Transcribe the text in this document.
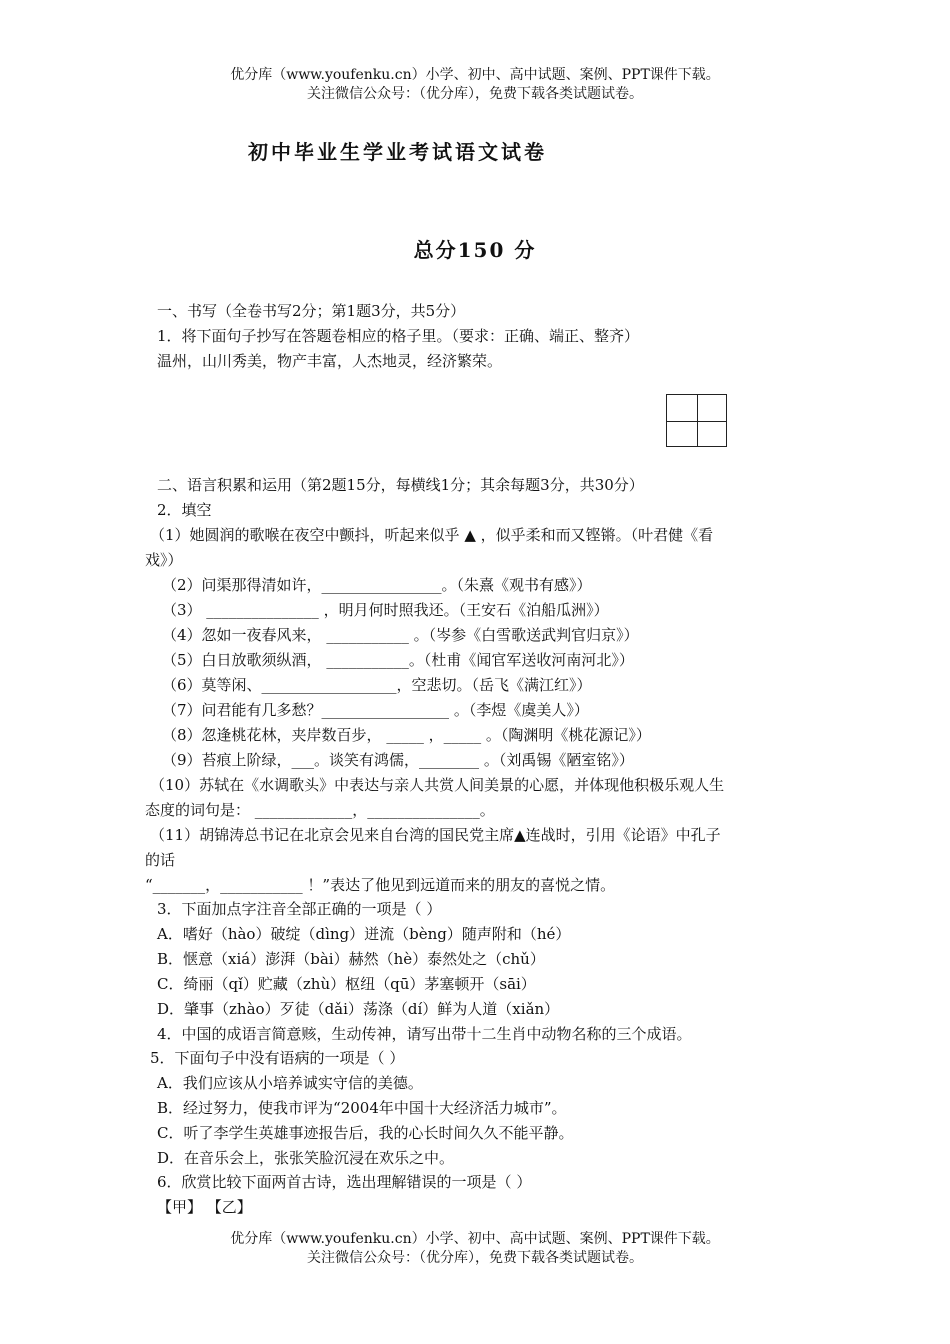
优分库（www.youfenku.cn）小学、初中、高中试题、案例、PPT课件下载。
关注微信公众号：（优分库），免费下载各类试题试卷。
初中毕业生学业考试语文试卷
总分150 分
一、书写（全卷书写2分；第1题3分，共5分）
1．将下面句子抄写在答题卷相应的格子里。（要求：正确、端正、整齐）
温州，山川秀美，物产丰富，人杰地灵，经济繁荣。
二、语言积累和运用（第2题15分，每横线1分；其余每题3分，共30分）
2．填空
（1）她圆润的歌喉在夜空中颤抖，听起来似乎 ▲ ，似乎柔和而又铿锵。（叶君健《看
戏》）
（2）问渠那得清如许，________________。（朱熹《观书有感》）
（3） _______________ ，明月何时照我还。（王安石《泊船瓜洲》）
（4）忽如一夜春风来， ___________ 。（岑参《白雪歌送武判官归京》）
（5）白日放歌须纵酒， ___________。（杜甫《闻官军送收河南河北》）
（6）莫等闲、__________________，空悲切。（岳飞《满江红》）
（7）问君能有几多愁？_________________ 。（李煜《虞美人》）
（8）忽逢桃花林，夹岸数百步， _____ ，_____ 。（陶渊明《桃花源记》）
（9）苔痕上阶绿，___。谈笑有鸿儒，________ 。（刘禹锡《陋室铭》）
（10）苏轼在《水调歌头》中表达与亲人共赏人间美景的心愿，并体现他积极乐观人生
态度的词句是： _____________，_______________。
（11）胡锦涛总书记在北京会见来自台湾的国民党主席▲连战时，引用《论语》中孔子
的话
“_______，___________ ！”表达了他见到远道而来的朋友的喜悦之情。
3．下面加点字注音全部正确的一项是（ ）
A．嗜好（hào）破绽（dìng）迸流（bèng）随声附和（hé）
B．惬意（xiá）澎湃（bài）赫然（hè）泰然处之（chǔ）
C．绮丽（qǐ）贮藏（zhù）枢纽（qū）茅塞顿开（sāi）
D．肇事（zhào）歹徒（dǎi）荡涤（dí）鲜为人道（xiǎn）
4．中国的成语言简意赅，生动传神，请写出带十二生肖中动物名称的三个成语。
5．下面句子中没有语病的一项是（ ）
A．我们应该从小培养诚实守信的美德。
B．经过努力，使我市评为“2004年中国十大经济活力城市”。
C．听了李学生英雄事迹报告后，我的心长时间久久不能平静。
D．在音乐会上，张张笑脸沉浸在欢乐之中。
6．欣赏比较下面两首古诗，选出理解错误的一项是（ ）
【甲】 【乙】
优分库（www.youfenku.cn）小学、初中、高中试题、案例、PPT课件下载。
关注微信公众号：（优分库），免费下载各类试题试卷。
